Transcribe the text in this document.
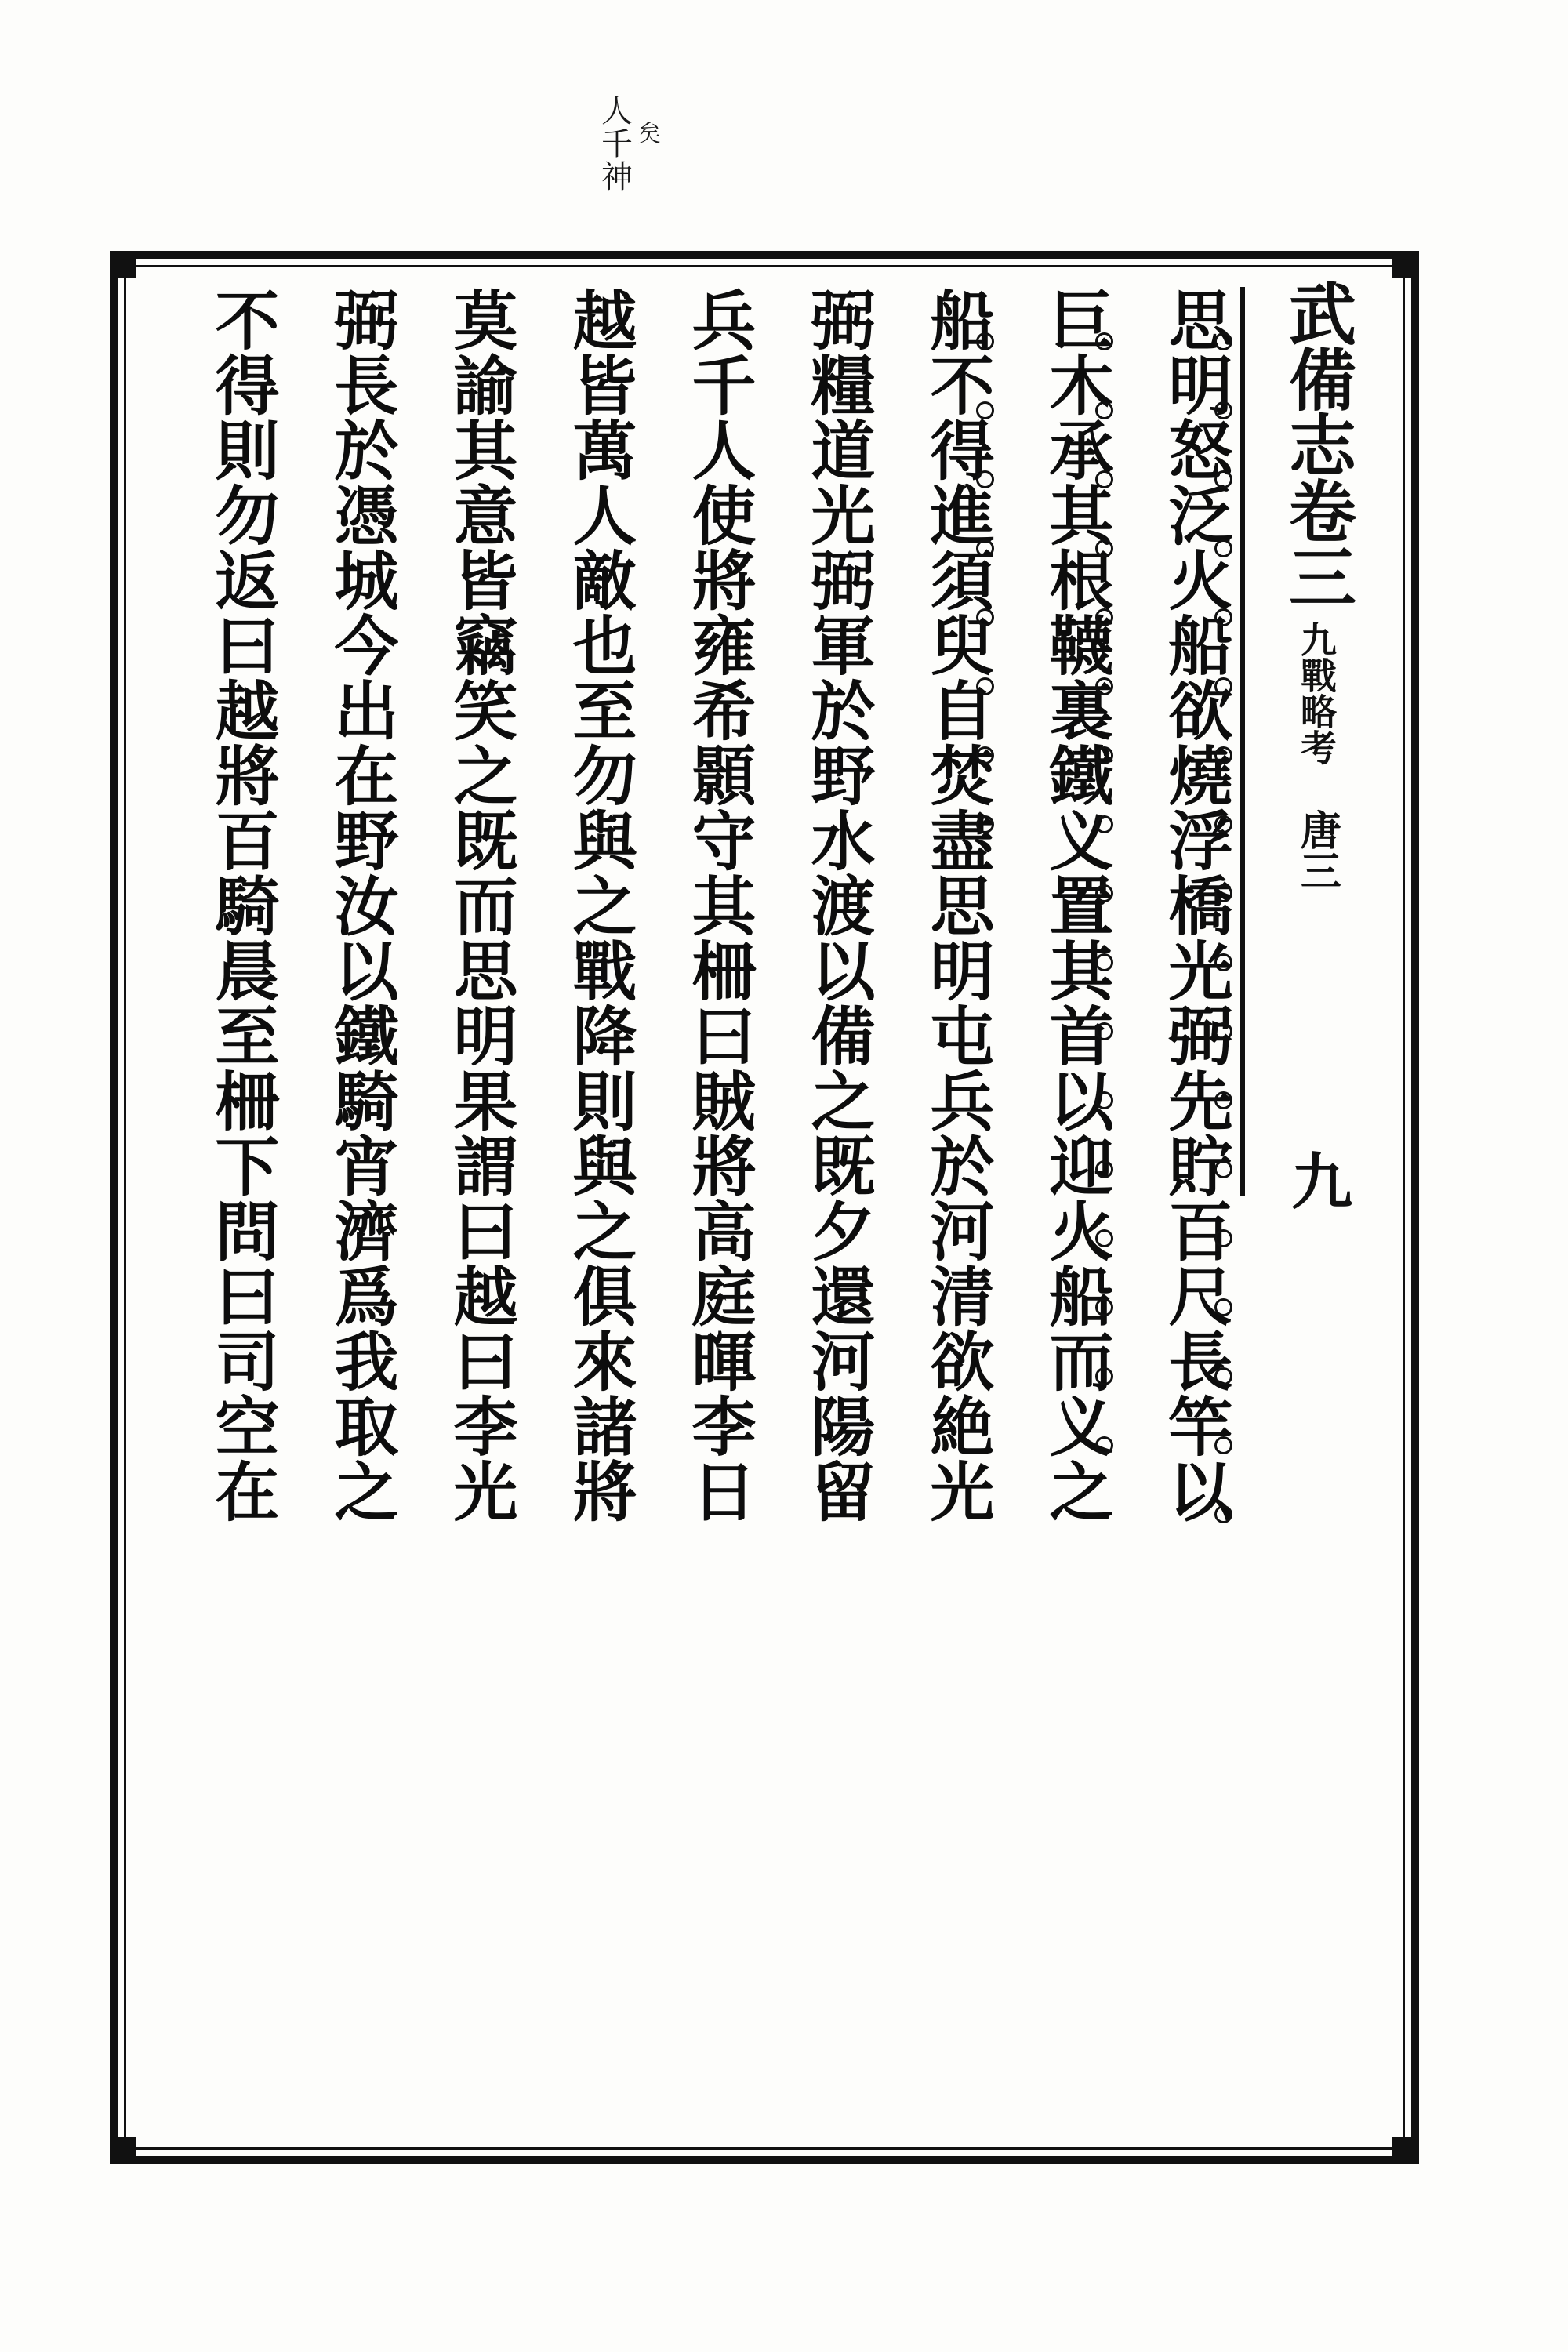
矣
人千神
武備志卷三
九戰略考
唐三
九
思明怒泛火船欲燒浮橋光弼先貯百尺長竿以
巨木承其根韈裏鐵义置其首以迎火船而义之
船不得進須臾自焚盡思明屯兵於河清欲絶光
弼糧道光弼軍於野水渡以備之既夕還河陽留
兵千人使將雍希顥守其柵曰賊將高庭暉李日
越皆萬人敵也至勿與之戰降則與之俱來諸將
莫諭其意皆竊笑之既而思明果謂曰越曰李光
弼長於憑城今出在野汝以鐵騎宵濟爲我取之
不得則勿返曰越將百騎晨至柵下問曰司空在
